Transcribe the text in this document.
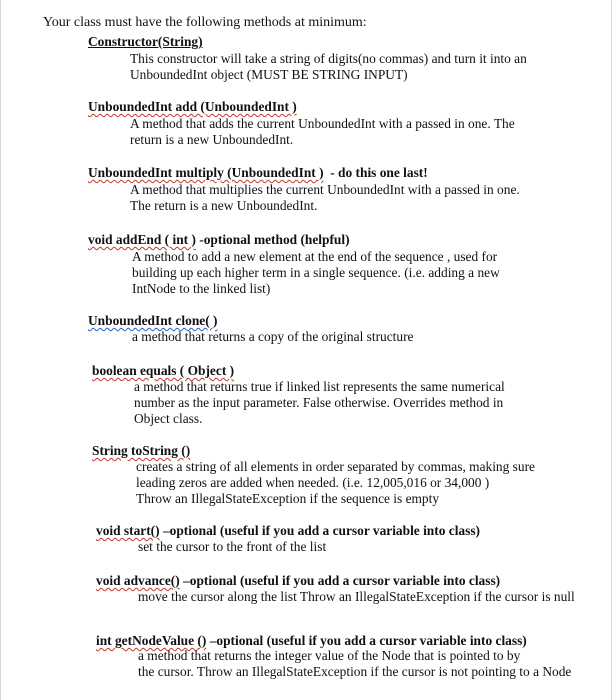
Your class must have the following methods at minimum:
Constructor(String)
This constructor will take a string of digits(no commas) and turn it into an UnboundedInt object (MUST BE STRING INPUT)
UnboundedInt add (UnboundedInt )
A method that adds the current UnboundedInt with a passed in one. The return is a new UnboundedInt.
UnboundedInt multiply (UnboundedInt )  - do this one last!
A method that multiplies the current UnboundedInt with a passed in one. The return is a new UnboundedInt.
void addEnd ( int ) -optional method (helpful)
A method to add a new element at the end of the sequence , used for building up each higher term in a single sequence. (i.e. adding a new IntNode to the linked list)
UnboundedInt clone( )
a method that returns a copy of the original structure
boolean equals ( Object )
a method that returns true if linked list represents the same numerical number as the input parameter. False otherwise. Overrides method in Object class.
String toString ()
creates a string of all elements in order separated by commas, making sure leading zeros are added when needed. (i.e. 12,005,016 or 34,000 ) Throw an IllegalStateException if the sequence is empty
void start() –optional (useful if you add a cursor variable into class)
set the cursor to the front of the list
void advance() –optional (useful if you add a cursor variable into class)
move the cursor along the list Throw an IllegalStateException if the cursor is null
int getNodeValue () –optional (useful if you add a cursor variable into class)
a method that returns the integer value of the Node that is pointed to by the cursor. Throw an IllegalStateException if the cursor is not pointing to a Node
